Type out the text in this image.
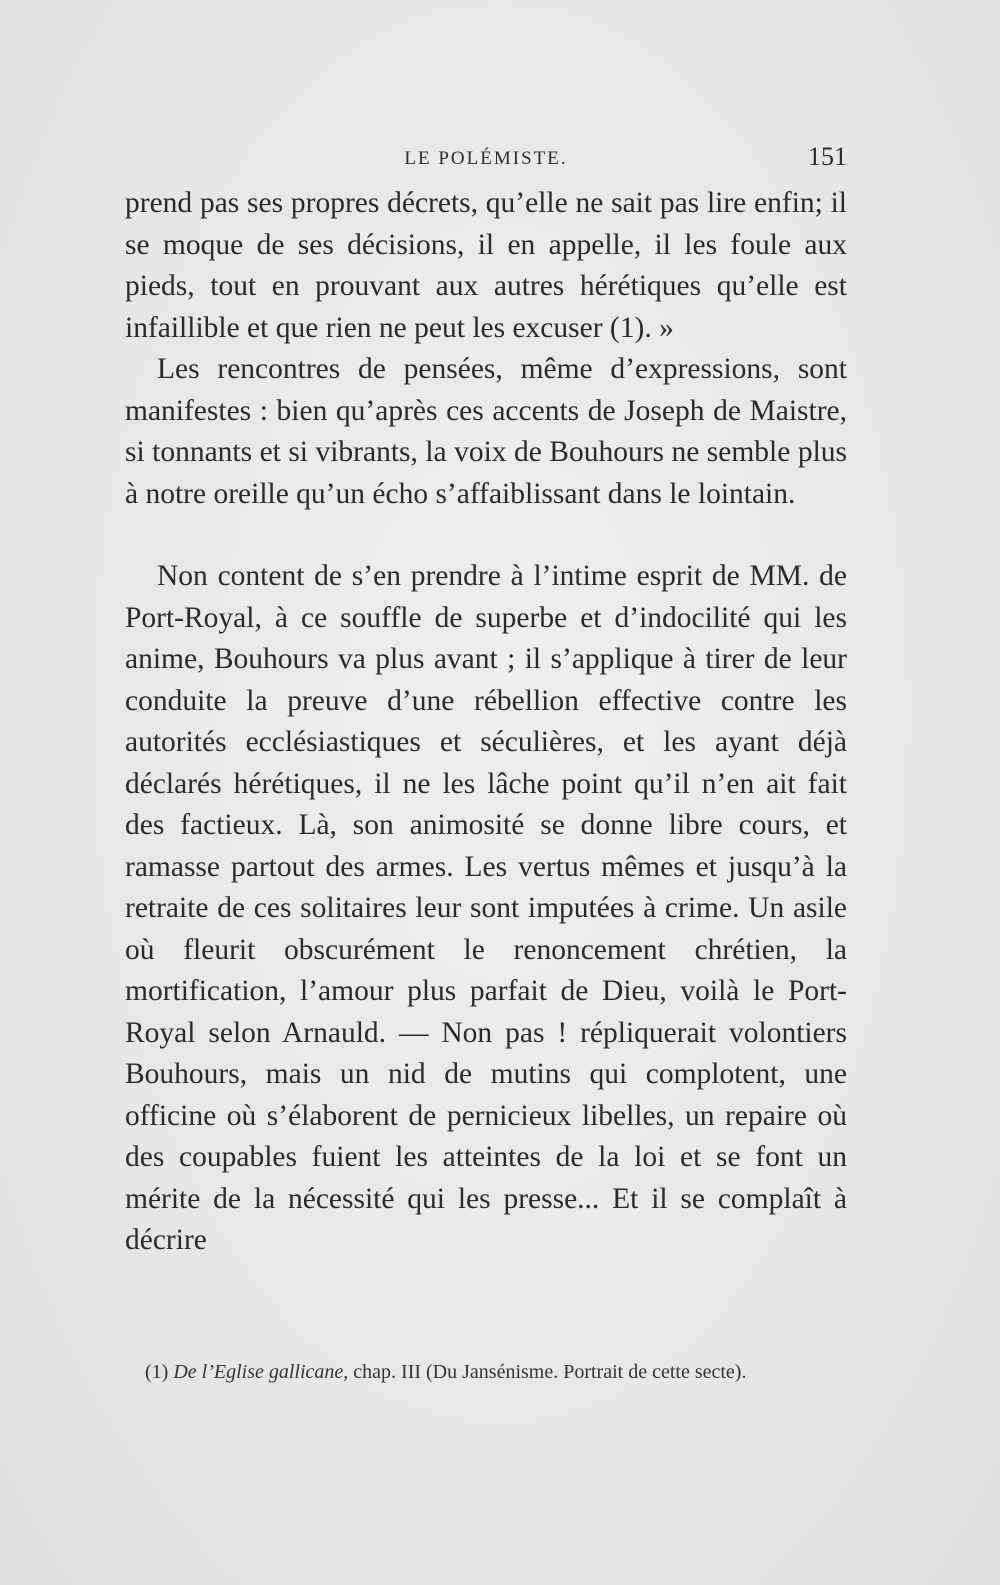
LE POLÉMISTE.	151

prend pas ses propres décrets, qu’elle ne sait pas lire enfin; il se moque de ses décisions, il en appelle, il les foule aux pieds, tout en prouvant aux autres hérétiques qu’elle est infaillible et que rien ne peut les excuser (1). »

Les rencontres de pensées, même d’expressions, sont manifestes : bien qu’après ces accents de Joseph de Maistre, si tonnants et si vibrants, la voix de Bouhours ne semble plus à notre oreille qu’un écho s’affaiblissant dans le lointain.

Non content de s’en prendre à l’intime esprit de MM. de Port-Royal, à ce souffle de superbe et d’indocilité qui les anime, Bouhours va plus avant ; il s’applique à tirer de leur conduite la preuve d’une rébellion effective contre les autorités ecclésiastiques et séculières, et les ayant déjà déclarés hérétiques, il ne les lâche point qu’il n’en ait fait des factieux. Là, son animosité se donne libre cours, et ramasse partout des armes. Les vertus mêmes et jusqu’à la retraite de ces solitaires leur sont imputées à crime. Un asile où fleurit obscurément le renoncement chrétien, la mortification, l’amour plus parfait de Dieu, voilà le Port-Royal selon Arnauld. — Non pas ! répliquerait volontiers Bouhours, mais un nid de mutins qui complotent, une officine où s’élaborent de pernicieux libelles, un repaire où des coupables fuient les atteintes de la loi et se font un mérite de la nécessité qui les presse... Et il se complaît à décrire

(1) De l’Eglise gallicane, chap. III (Du Jansénisme. Portrait de cette secte).
